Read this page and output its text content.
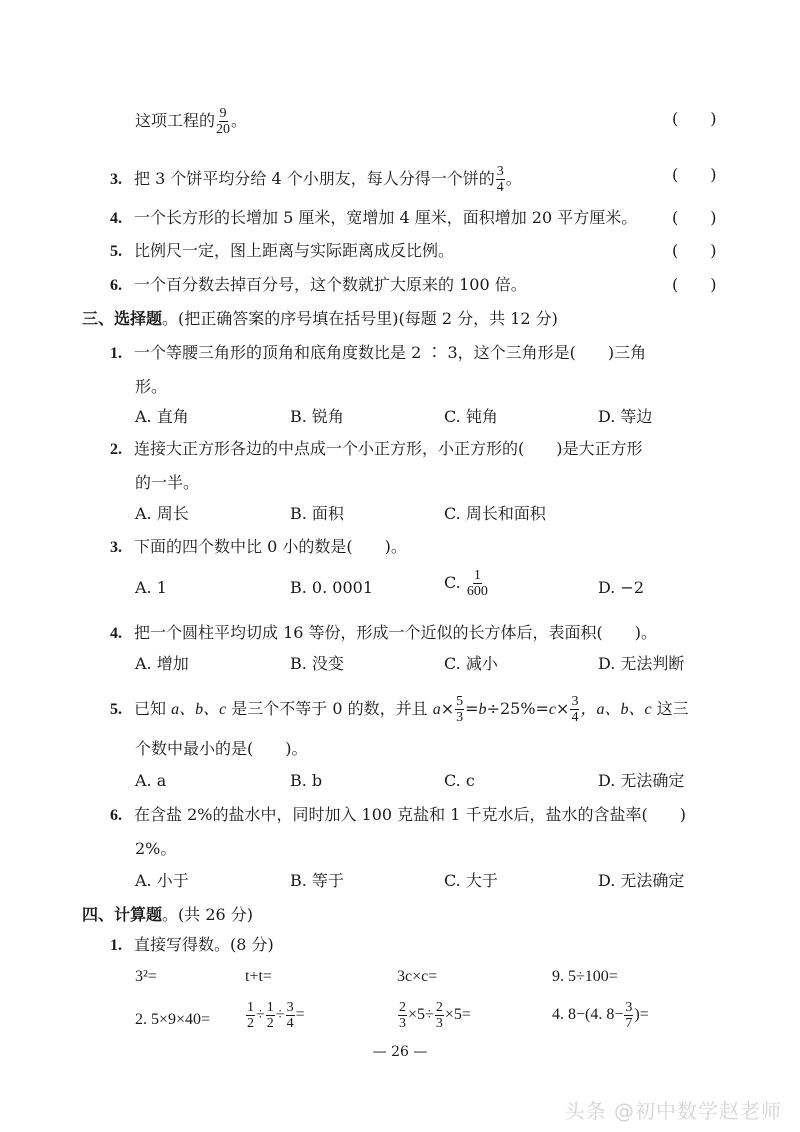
这项工程的 $\frac{9}{20}$ 。	(　　)
3. 把 3 个饼平均分给 4 个小朋友，每人分得一个饼的 $\frac{3}{4}$ 。	(　　)
4. 一个长方形的长增加 5 厘米，宽增加 4 厘米，面积增加 20 平方厘米。 (　　)
5. 比例尺一定，图上距离与实际距离成反比例。	(　　)
6. 一个百分数去掉百分号，这个数就扩大原来的 100 倍。	(　　)
三、选择题。(把正确答案的序号填在括号里)(每题 2 分，共 12 分)
1. 一个等腰三角形的顶角和底角度数比是 2 ∶ 3，这个三角形是(　　)三角
形。
A. 直角	B. 锐角	C. 钝角	D. 等边
2. 连接大正方形各边的中点成一个小正方形，小正方形的(　　)是大正方形
的一半。
A. 周长	B. 面积	C. 周长和面积
3. 下面的四个数中比 0 小的数是(　　)。
A. 1	B. 0. 0001	C. $\frac{1}{600}$	D. −2
4. 把一个圆柱平均切成 16 等份，形成一个近似的长方体后，表面积(　　)。
A. 增加	B. 没变	C. 减小	D. 无法判断
5. 已知 a、b、c 是三个不等于 0 的数，并且 $a\times \frac{5}{3} =b\div 25\%=c\times \frac{3}{4}$ ，a、b、c 这三
个数中最小的是(　　)。
A. a	B. b	C. c	D. 无法确定
6. 在含盐 2%的盐水中，同时加入 100 克盐和 1 千克水后，盐水的含盐率(　　)
2%。
A. 小于	B. 等于	C. 大于	D. 无法确定
四、计算题。(共 26 分)
1. 直接写得数。(8 分)
3²=	t+t=	3c×c=	9. 5÷100=
2. 5×9×40=	$\frac{1}{2} \div \frac{1}{2} \div \frac{3}{4}$ =	$\frac{2}{3} \times 5\div \frac{2}{3} \times 5=$	4. 8−(4. $8- \frac{3}{7}$ )=
— 26 —
头条 @初中数学赵老师
